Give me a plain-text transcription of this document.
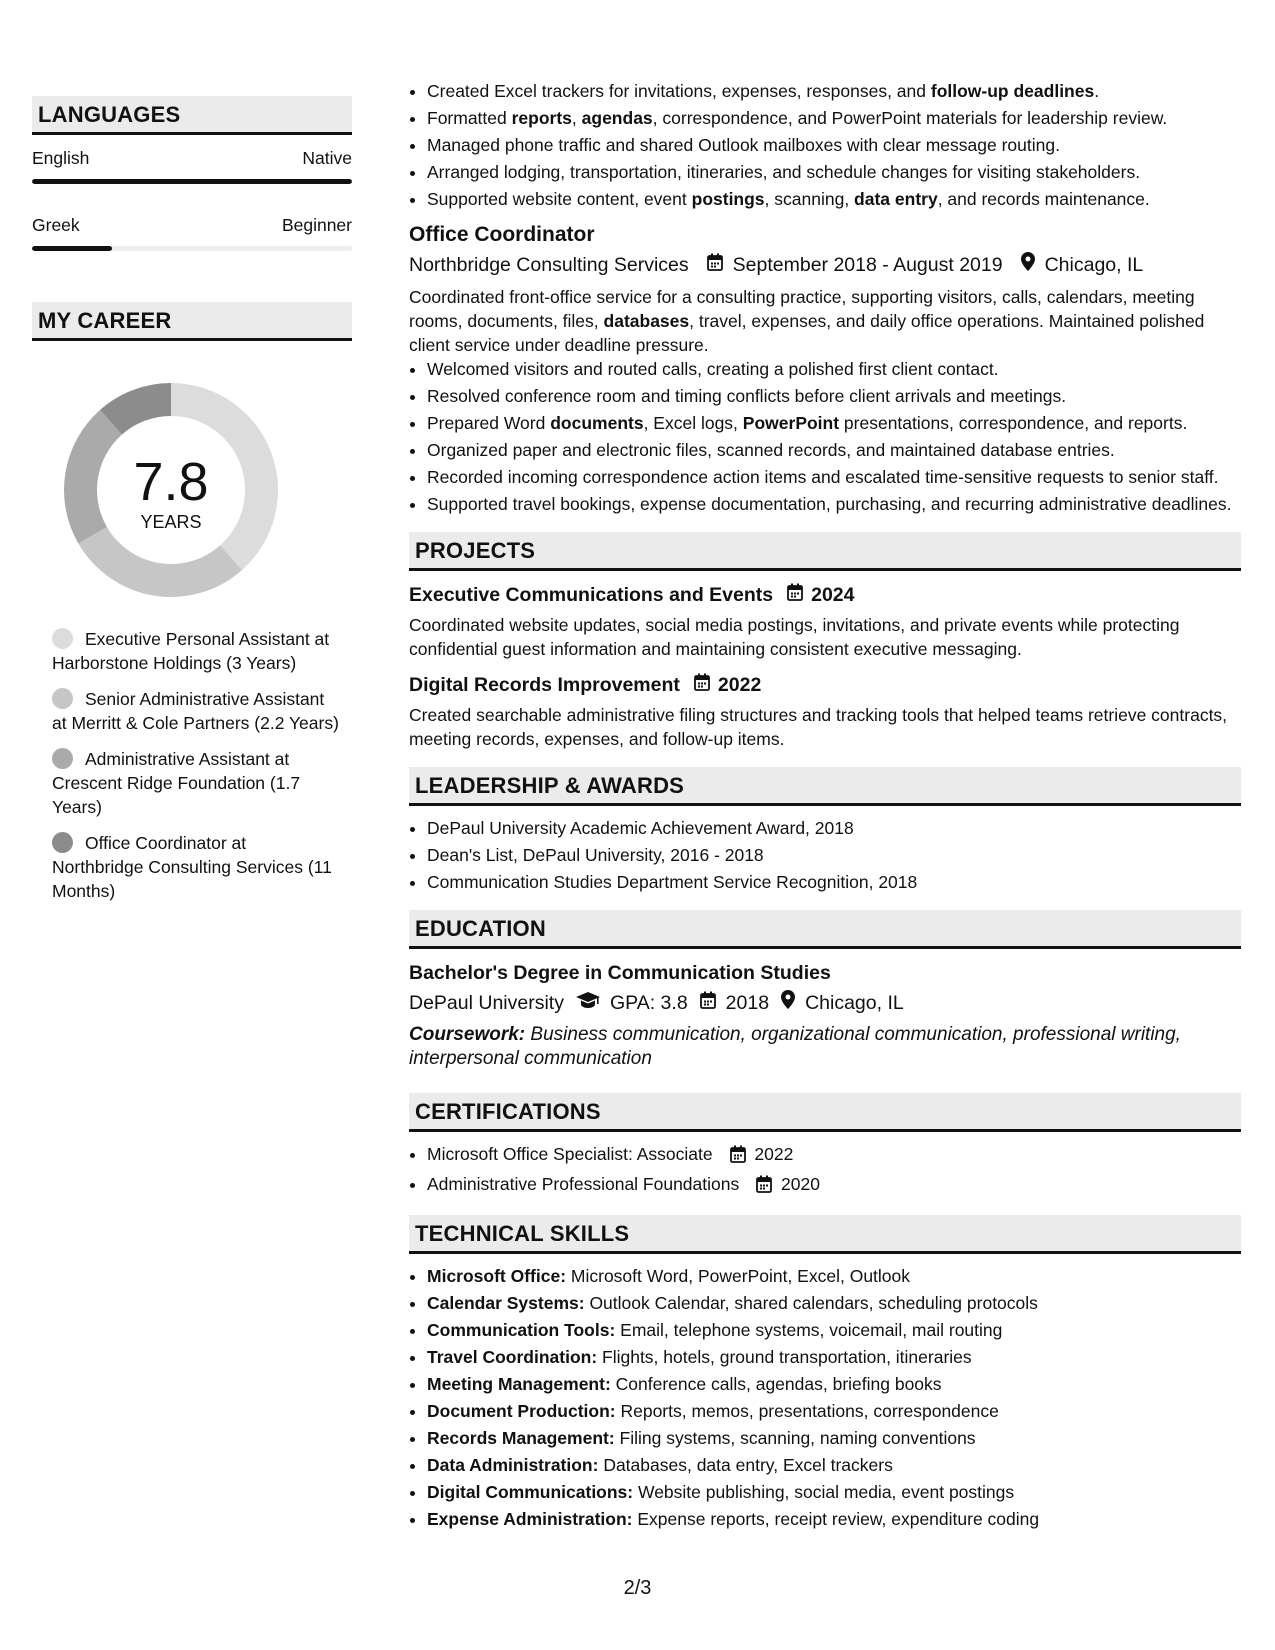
LANGUAGES
English	Native
Greek	Beginner
MY CAREER
7.8
YEARS
Executive Personal Assistant at Harborstone Holdings (3 Years)
Senior Administrative Assistant at Merritt & Cole Partners (2.2 Years)
Administrative Assistant at Crescent Ridge Foundation (1.7 Years)
Office Coordinator at Northbridge Consulting Services (11 Months)
• Created Excel trackers for invitations, expenses, responses, and follow-up deadlines.
• Formatted reports, agendas, correspondence, and PowerPoint materials for leadership review.
• Managed phone traffic and shared Outlook mailboxes with clear message routing.
• Arranged lodging, transportation, itineraries, and schedule changes for visiting stakeholders.
• Supported website content, event postings, scanning, data entry, and records maintenance.
Office Coordinator
Northbridge Consulting Services September 2018 - August 2019 Chicago, IL
Coordinated front-office service for a consulting practice, supporting visitors, calls, calendars, meeting rooms, documents, files, databases, travel, expenses, and daily office operations. Maintained polished client service under deadline pressure.
• Welcomed visitors and routed calls, creating a polished first client contact.
• Resolved conference room and timing conflicts before client arrivals and meetings.
• Prepared Word documents, Excel logs, PowerPoint presentations, correspondence, and reports.
• Organized paper and electronic files, scanned records, and maintained database entries.
• Recorded incoming correspondence action items and escalated time-sensitive requests to senior staff.
• Supported travel bookings, expense documentation, purchasing, and recurring administrative deadlines.
PROJECTS
Executive Communications and Events 2024
Coordinated website updates, social media postings, invitations, and private events while protecting confidential guest information and maintaining consistent executive messaging.
Digital Records Improvement 2022
Created searchable administrative filing structures and tracking tools that helped teams retrieve contracts, meeting records, expenses, and follow-up items.
LEADERSHIP & AWARDS
• DePaul University Academic Achievement Award, 2018
• Dean's List, DePaul University, 2016 - 2018
• Communication Studies Department Service Recognition, 2018
EDUCATION
Bachelor's Degree in Communication Studies
DePaul University GPA: 3.8 2018 Chicago, IL
Coursework: Business communication, organizational communication, professional writing, interpersonal communication
CERTIFICATIONS
• Microsoft Office Specialist: Associate 2022
• Administrative Professional Foundations 2020
TECHNICAL SKILLS
• Microsoft Office: Microsoft Word, PowerPoint, Excel, Outlook
• Calendar Systems: Outlook Calendar, shared calendars, scheduling protocols
• Communication Tools: Email, telephone systems, voicemail, mail routing
• Travel Coordination: Flights, hotels, ground transportation, itineraries
• Meeting Management: Conference calls, agendas, briefing books
• Document Production: Reports, memos, presentations, correspondence
• Records Management: Filing systems, scanning, naming conventions
• Data Administration: Databases, data entry, Excel trackers
• Digital Communications: Website publishing, social media, event postings
• Expense Administration: Expense reports, receipt review, expenditure coding
2/3
